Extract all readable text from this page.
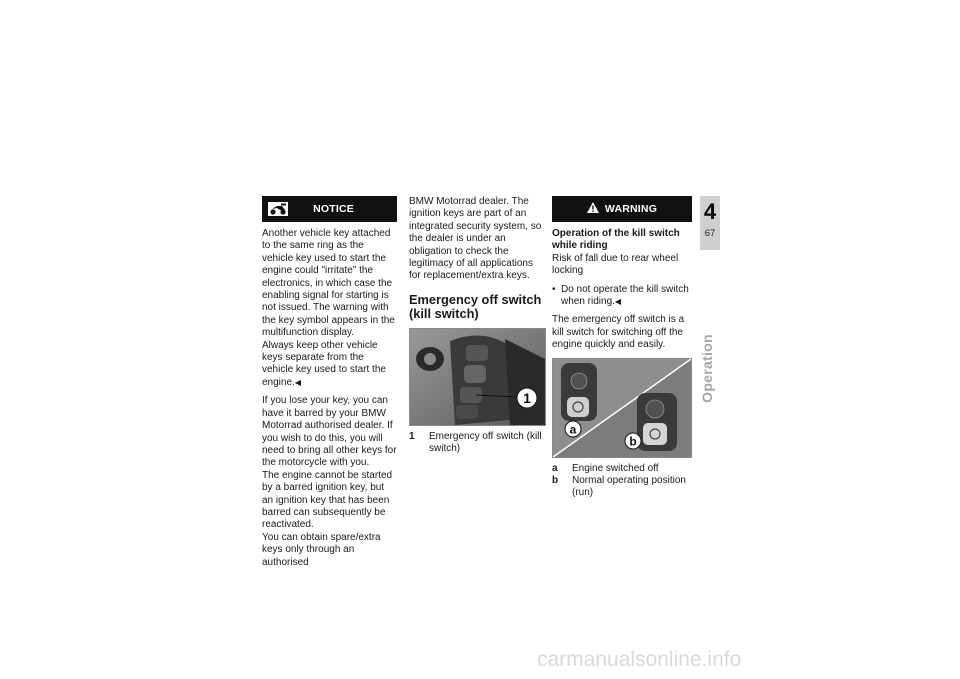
NOTICE

Another vehicle key attached to the same ring as the vehicle key used to start the engine could "irritate" the electronics, in which case the enabling signal for starting is not issued. The warning with the key symbol appears in the multifunction display.

Always keep other vehicle keys separate from the vehicle key used to start the engine.◀

If you lose your key, you can have it barred by your BMW Motorrad authorised dealer. If you wish to do this, you will need to bring all other keys for the motorcycle with you.

The engine cannot be started by a barred ignition key, but an ignition key that has been barred can subsequently be reactivated.

You can obtain spare/extra keys only through an authorised

BMW Motorrad dealer. The ignition keys are part of an integrated security system, so the dealer is under an obligation to check the legitimacy of all applications for replacement/extra keys.

Emergency off switch (kill switch)
1
1	Emergency off switch (kill switch)
WARNING
Operation of the kill switch while riding

Risk of fall due to rear wheel locking

• Do not operate the kill switch when riding.◀

The emergency off switch is a kill switch for switching off the engine quickly and easily.

a
b
a	Engine switched off
b	Normal operating position (run)
4
67
Operation
carmanualsonline.info
